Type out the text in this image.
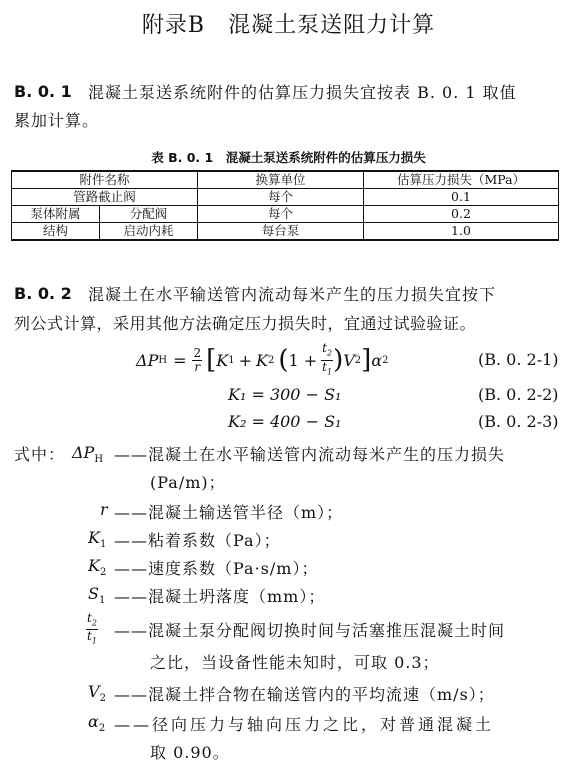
附录B　混凝土泵送阻力计算
B. 0. 1 混凝土泵送系统附件的估算压力损失宜按表 B. 0. 1 取值
累加计算。
表 B. 0. 1　混凝土泵送系统附件的估算压力损失
附件名称		换算单位	估算压力损失（MPa）
管路截止阀		每个	0.1
泵体附属	分配阀	每个	0.2
结构	启动内耗	每台泵	1.0
B. 0. 2 混凝土在水平输送管内流动每米产生的压力损失宜按下
列公式计算，采用其他方法确定压力损失时，宜通过试验验证。
Δ P $H = \frac{2}{r}$ [ K 1 + K 2 ( $1 + \frac{t_2}{t_1}$ ) V 2 ] α 2	(B. 0. 2-1)
K₁ = 300 − S₁	(B. 0. 2-2)
K₂ = 400 − S₁	(B. 0. 2-3)
式中： $\Delta P_H$ ——混凝土在水平输送管内流动每米产生的压力损失
(Pa/m)；
r ——混凝土输送管半径（m）；
$K_1$ ——粘着系数（Pa）；
$K_2$ ——速度系数（Pa·s/m）；
$S_1$ ——混凝土坍落度（mm）；
$\frac{t_2}{t_1}$ ——混凝土泵分配阀切换时间与活塞推压混凝土时间
之比，当设备性能未知时，可取 0.3；
$V_2$ ——混凝土拌合物在输送管内的平均流速（m/s）；
$\alpha_2$ ——径向压力与轴向压力之比，对普通混凝土
取 0.90。
